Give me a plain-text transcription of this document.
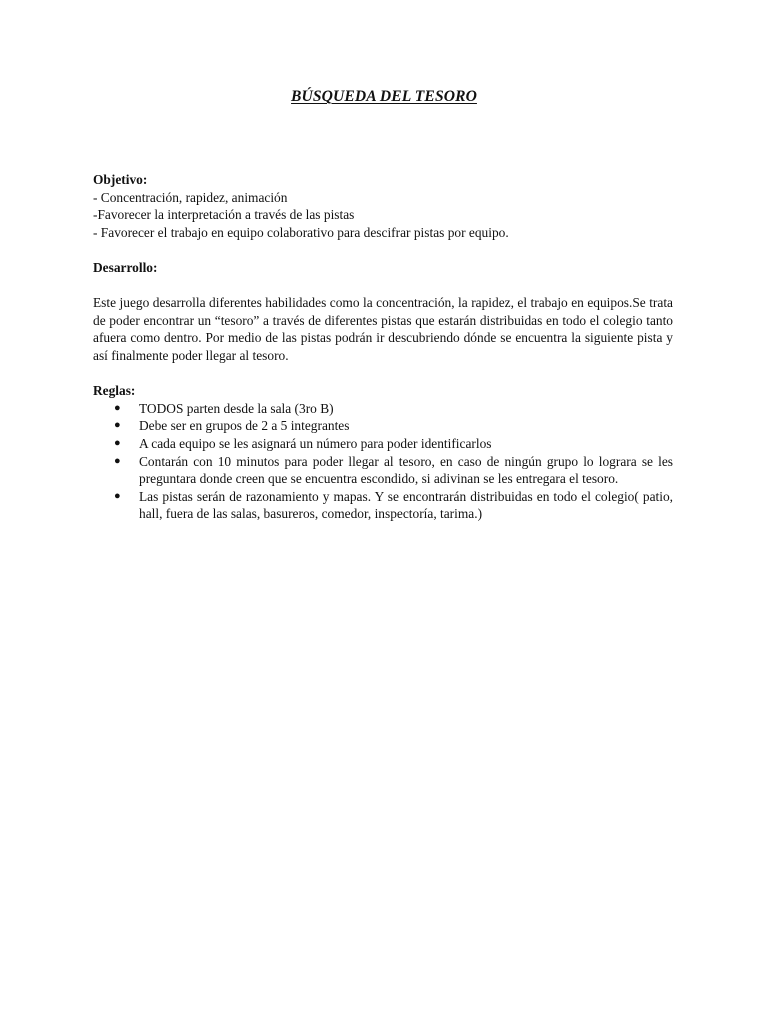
BÚSQUEDA DEL TESORO

Objetivo:

- Concentración, rapidez, animación

-Favorecer la interpretación a través de las pistas

- Favorecer el trabajo en equipo colaborativo para descifrar pistas por equipo.

Desarrollo:

Este juego desarrolla diferentes habilidades como la concentración, la rapidez, el trabajo en equipos.Se trata de poder encontrar un “tesoro” a través de diferentes pistas que estarán distribuidas en todo el colegio tanto afuera como dentro. Por medio de las pistas podrán ir descubriendo dónde se encuentra la siguiente pista y así finalmente poder llegar al tesoro.

Reglas:

● TODOS parten desde la sala (3ro B)
● Debe ser en grupos de 2 a 5 integrantes
● A cada equipo se les asignará un número para poder identificarlos
● Contarán con 10 minutos para poder llegar al tesoro, en caso de ningún grupo lo lograra se les preguntara donde creen que se encuentra escondido, si adivinan se les entregara el tesoro.
● Las pistas serán de razonamiento y mapas. Y se encontrarán distribuidas en todo el colegio( patio, hall, fuera de las salas, basureros, comedor, inspectoría, tarima.)
